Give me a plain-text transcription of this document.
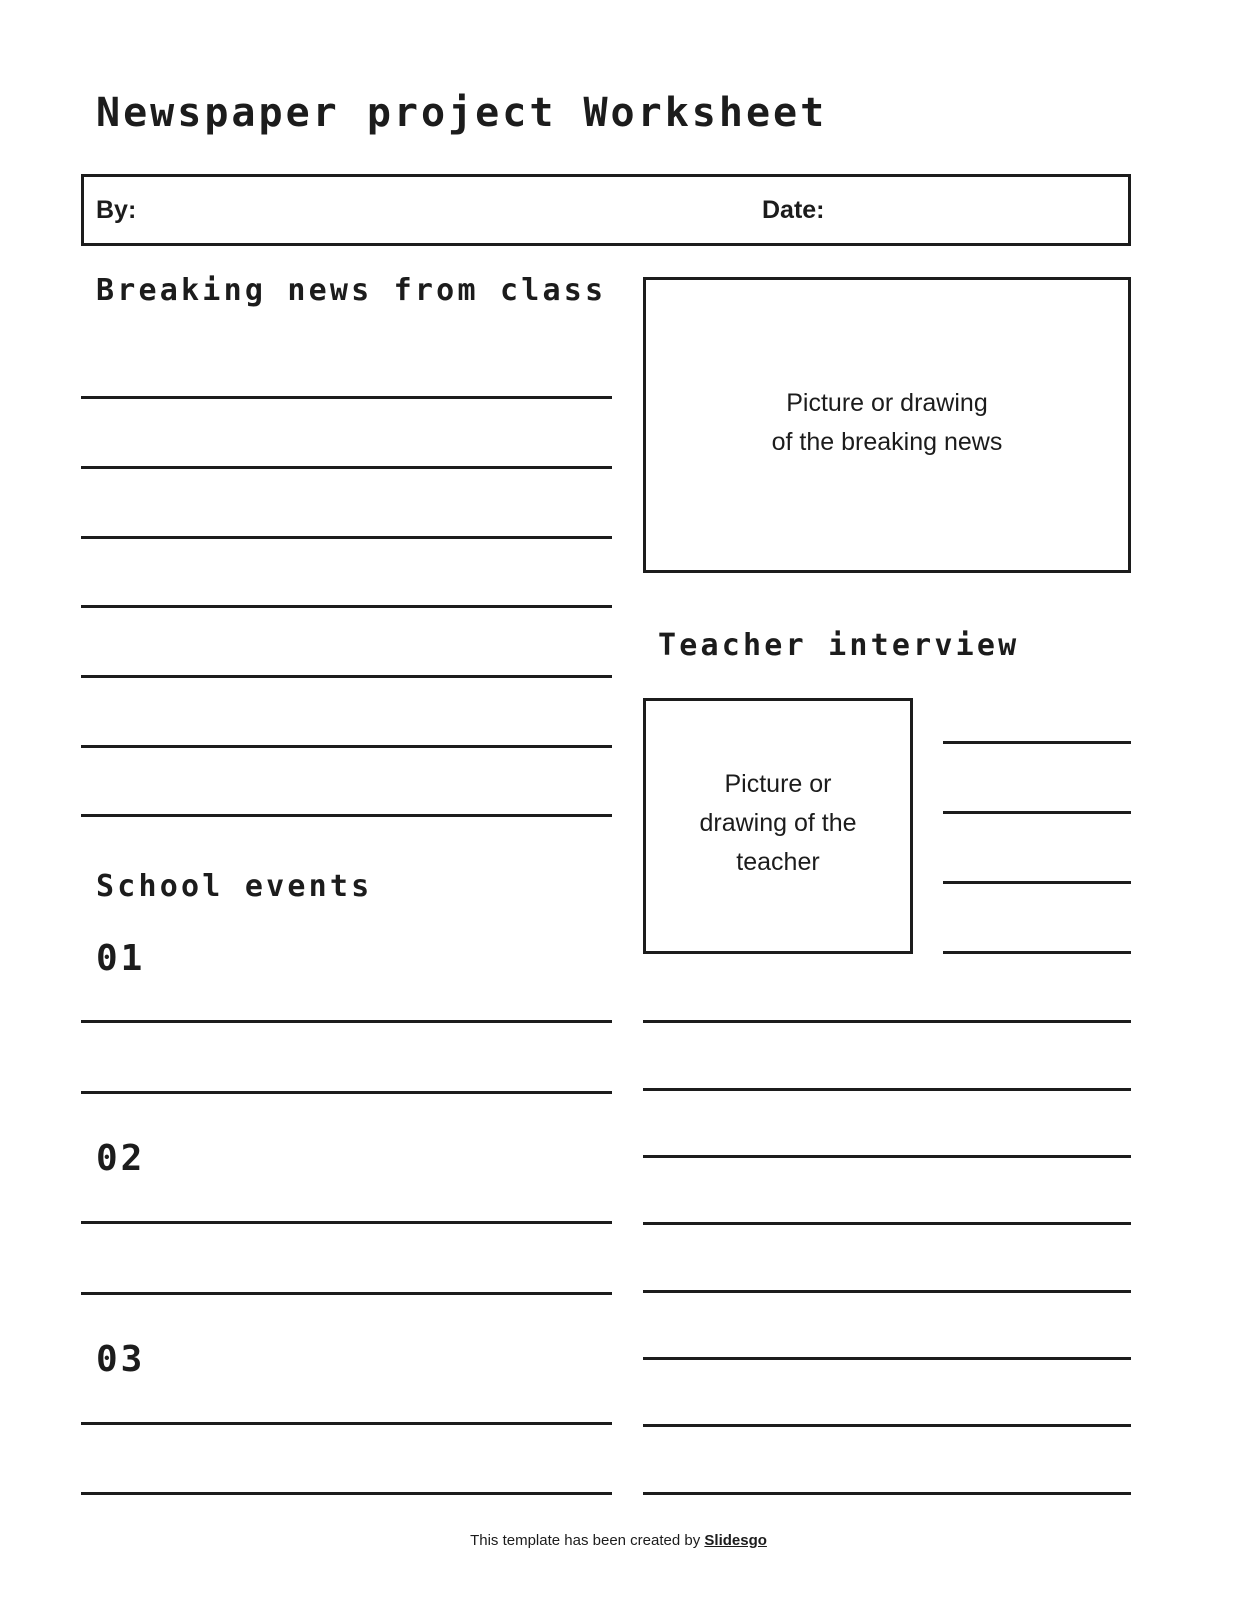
Newspaper project Worksheet
By:	Date:
Breaking news from class
Picture or drawing
of the breaking news
Teacher interview
Picture or
drawing of the
teacher
School events
01
02
03
This template has been created by Slidesgo
